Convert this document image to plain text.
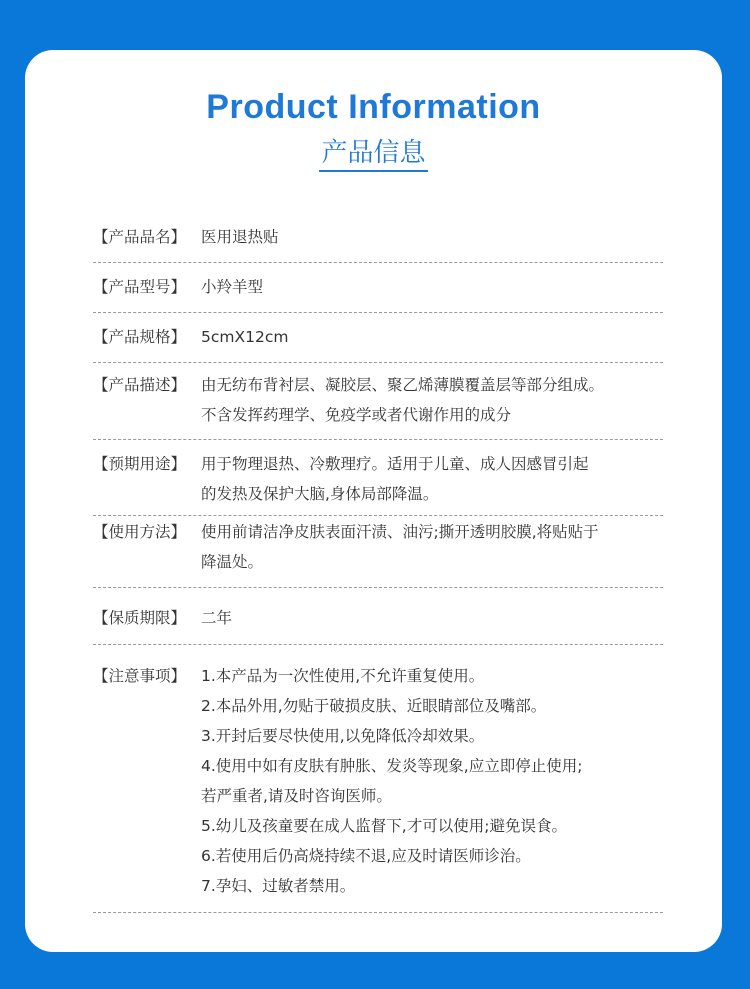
Product Information
产品信息
【产品品名】 医用退热贴
【产品型号】 小羚羊型
【产品规格】 5cmX12cm
【产品描述】 由无纺布背衬层、凝胶层、聚乙烯薄膜覆盖层等部分组成。
不含发挥药理学、免疫学或者代谢作用的成分
【预期用途】 用于物理退热、冷敷理疗。适用于儿童、成人因感冒引起
的发热及保护大脑,身体局部降温。
【使用方法】 使用前请洁净皮肤表面汗渍、油污;撕开透明胶膜,将贴贴于
降温处。
【保质期限】 二年
【注意事项】 1.本产品为一次性使用,不允许重复使用。
2.本品外用,勿贴于破损皮肤、近眼睛部位及嘴部。
3.开封后要尽快使用,以免降低冷却效果。
4.使用中如有皮肤有肿胀、发炎等现象,应立即停止使用;
若严重者,请及时咨询医师。
5.幼儿及孩童要在成人监督下,才可以使用;避免误食。
6.若使用后仍高烧持续不退,应及时请医师诊治。
7.孕妇、过敏者禁用。
